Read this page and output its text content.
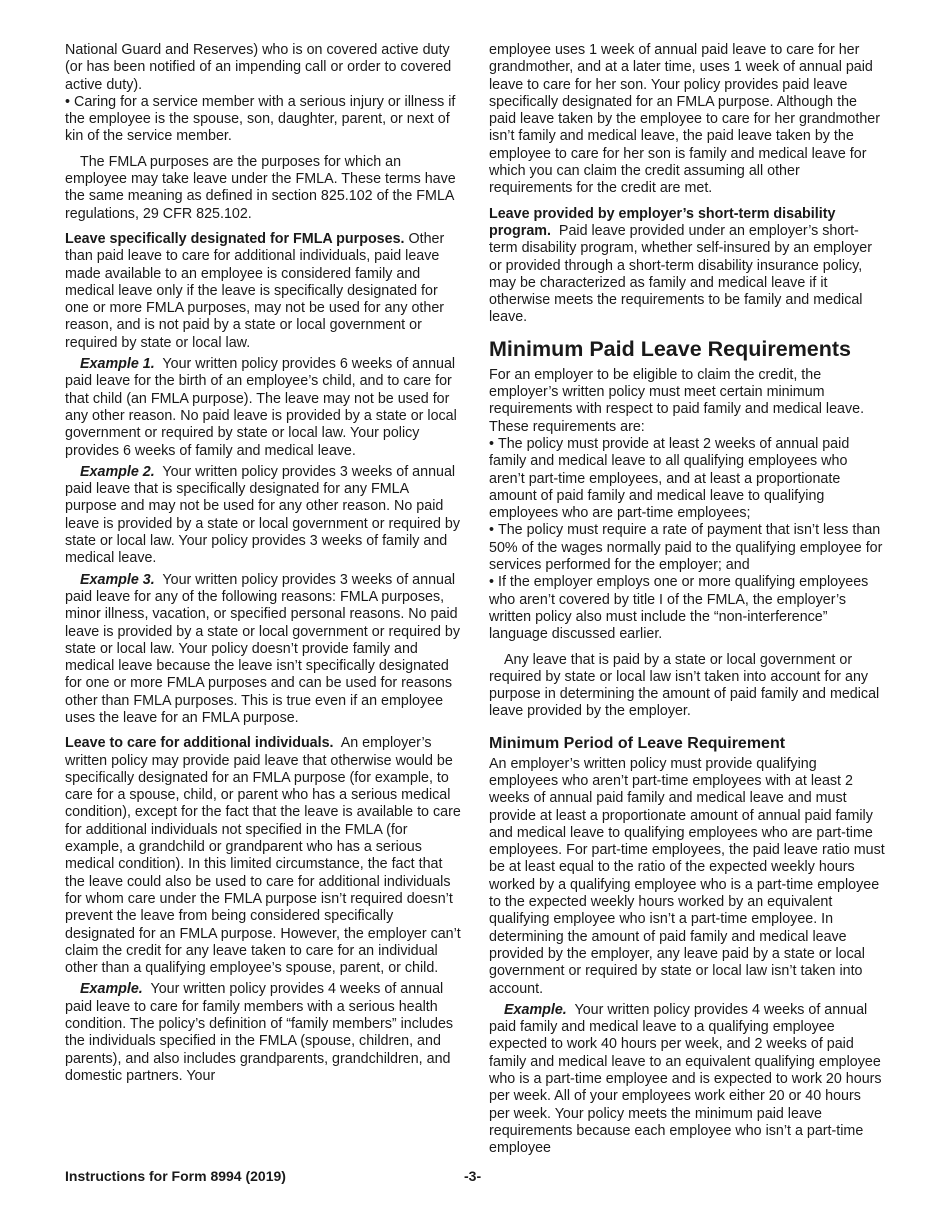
National Guard and Reserves) who is on covered active duty (or has been notified of an impending call or order to covered active duty).

• Caring for a service member with a serious injury or illness if the employee is the spouse, son, daughter, parent, or next of kin of the service member.

The FMLA purposes are the purposes for which an employee may take leave under the FMLA. These terms have the same meaning as defined in section 825.102 of the FMLA regulations, 29 CFR 825.102.

Leave specifically designated for FMLA purposes. Other than paid leave to care for additional individuals, paid leave made available to an employee is considered family and medical leave only if the leave is specifically designated for one or more FMLA purposes, may not be used for any other reason, and is not paid by a state or local government or required by state or local law.

Example 1. Your written policy provides 6 weeks of annual paid leave for the birth of an employee’s child, and to care for that child (an FMLA purpose). The leave may not be used for any other reason. No paid leave is provided by a state or local government or required by state or local law. Your policy provides 6 weeks of family and medical leave.

Example 2. Your written policy provides 3 weeks of annual paid leave that is specifically designated for any FMLA purpose and may not be used for any other reason. No paid leave is provided by a state or local government or required by state or local law. Your policy provides 3 weeks of family and medical leave.

Example 3. Your written policy provides 3 weeks of annual paid leave for any of the following reasons: FMLA purposes, minor illness, vacation, or specified personal reasons. No paid leave is provided by a state or local government or required by state or local law. Your policy doesn’t provide family and medical leave because the leave isn’t specifically designated for one or more FMLA purposes and can be used for reasons other than FMLA purposes. This is true even if an employee uses the leave for an FMLA purpose.

Leave to care for additional individuals. An employer’s written policy may provide paid leave that otherwise would be specifically designated for an FMLA purpose (for example, to care for a spouse, child, or parent who has a serious medical condition), except for the fact that the leave is available to care for additional individuals not specified in the FMLA (for example, a grandchild or grandparent who has a serious medical condition). In this limited circumstance, the fact that the leave could also be used to care for additional individuals for whom care under the FMLA purpose isn’t required doesn’t prevent the leave from being considered specifically designated for an FMLA purpose. However, the employer can’t claim the credit for any leave taken to care for an individual other than a qualifying employee’s spouse, parent, or child.

Example. Your written policy provides 4 weeks of annual paid leave to care for family members with a serious health condition. The policy’s definition of “family members” includes the individuals specified in the FMLA (spouse, children, and parents), and also includes grandparents, grandchildren, and domestic partners. Your

employee uses 1 week of annual paid leave to care for her grandmother, and at a later time, uses 1 week of annual paid leave to care for her son. Your policy provides paid leave specifically designated for an FMLA purpose. Although the paid leave taken by the employee to care for her grandmother isn’t family and medical leave, the paid leave taken by the employee to care for her son is family and medical leave for which you can claim the credit assuming all other requirements for the credit are met.

Leave provided by employer’s short-term disability program. Paid leave provided under an employer’s short-term disability program, whether self-insured by an employer or provided through a short-term disability insurance policy, may be characterized as family and medical leave if it otherwise meets the requirements to be family and medical leave.

Minimum Paid Leave Requirements

For an employer to be eligible to claim the credit, the employer’s written policy must meet certain minimum requirements with respect to paid family and medical leave. These requirements are:

• The policy must provide at least 2 weeks of annual paid family and medical leave to all qualifying employees who aren’t part-time employees, and at least a proportionate amount of paid family and medical leave to qualifying employees who are part-time employees;

• The policy must require a rate of payment that isn’t less than 50% of the wages normally paid to the qualifying employee for services performed for the employer; and

• If the employer employs one or more qualifying employees who aren’t covered by title I of the FMLA, the employer’s written policy also must include the “non-interference” language discussed earlier.

Any leave that is paid by a state or local government or required by state or local law isn’t taken into account for any purpose in determining the amount of paid family and medical leave provided by the employer.

Minimum Period of Leave Requirement

An employer’s written policy must provide qualifying employees who aren’t part-time employees with at least 2 weeks of annual paid family and medical leave and must provide at least a proportionate amount of annual paid family and medical leave to qualifying employees who are part-time employees. For part-time employees, the paid leave ratio must be at least equal to the ratio of the expected weekly hours worked by a qualifying employee who is a part-time employee to the expected weekly hours worked by an equivalent qualifying employee who isn’t a part-time employee. In determining the amount of paid family and medical leave provided by the employer, any leave paid by a state or local government or required by state or local law isn’t taken into account.

Example. Your written policy provides 4 weeks of annual paid family and medical leave to a qualifying employee expected to work 40 hours per week, and 2 weeks of paid family and medical leave to an equivalent qualifying employee who is a part-time employee and is expected to work 20 hours per week. All of your employees work either 20 or 40 hours per week. Your policy meets the minimum paid leave requirements because each employee who isn’t a part-time employee

Instructions for Form 8994 (2019)	-3-
